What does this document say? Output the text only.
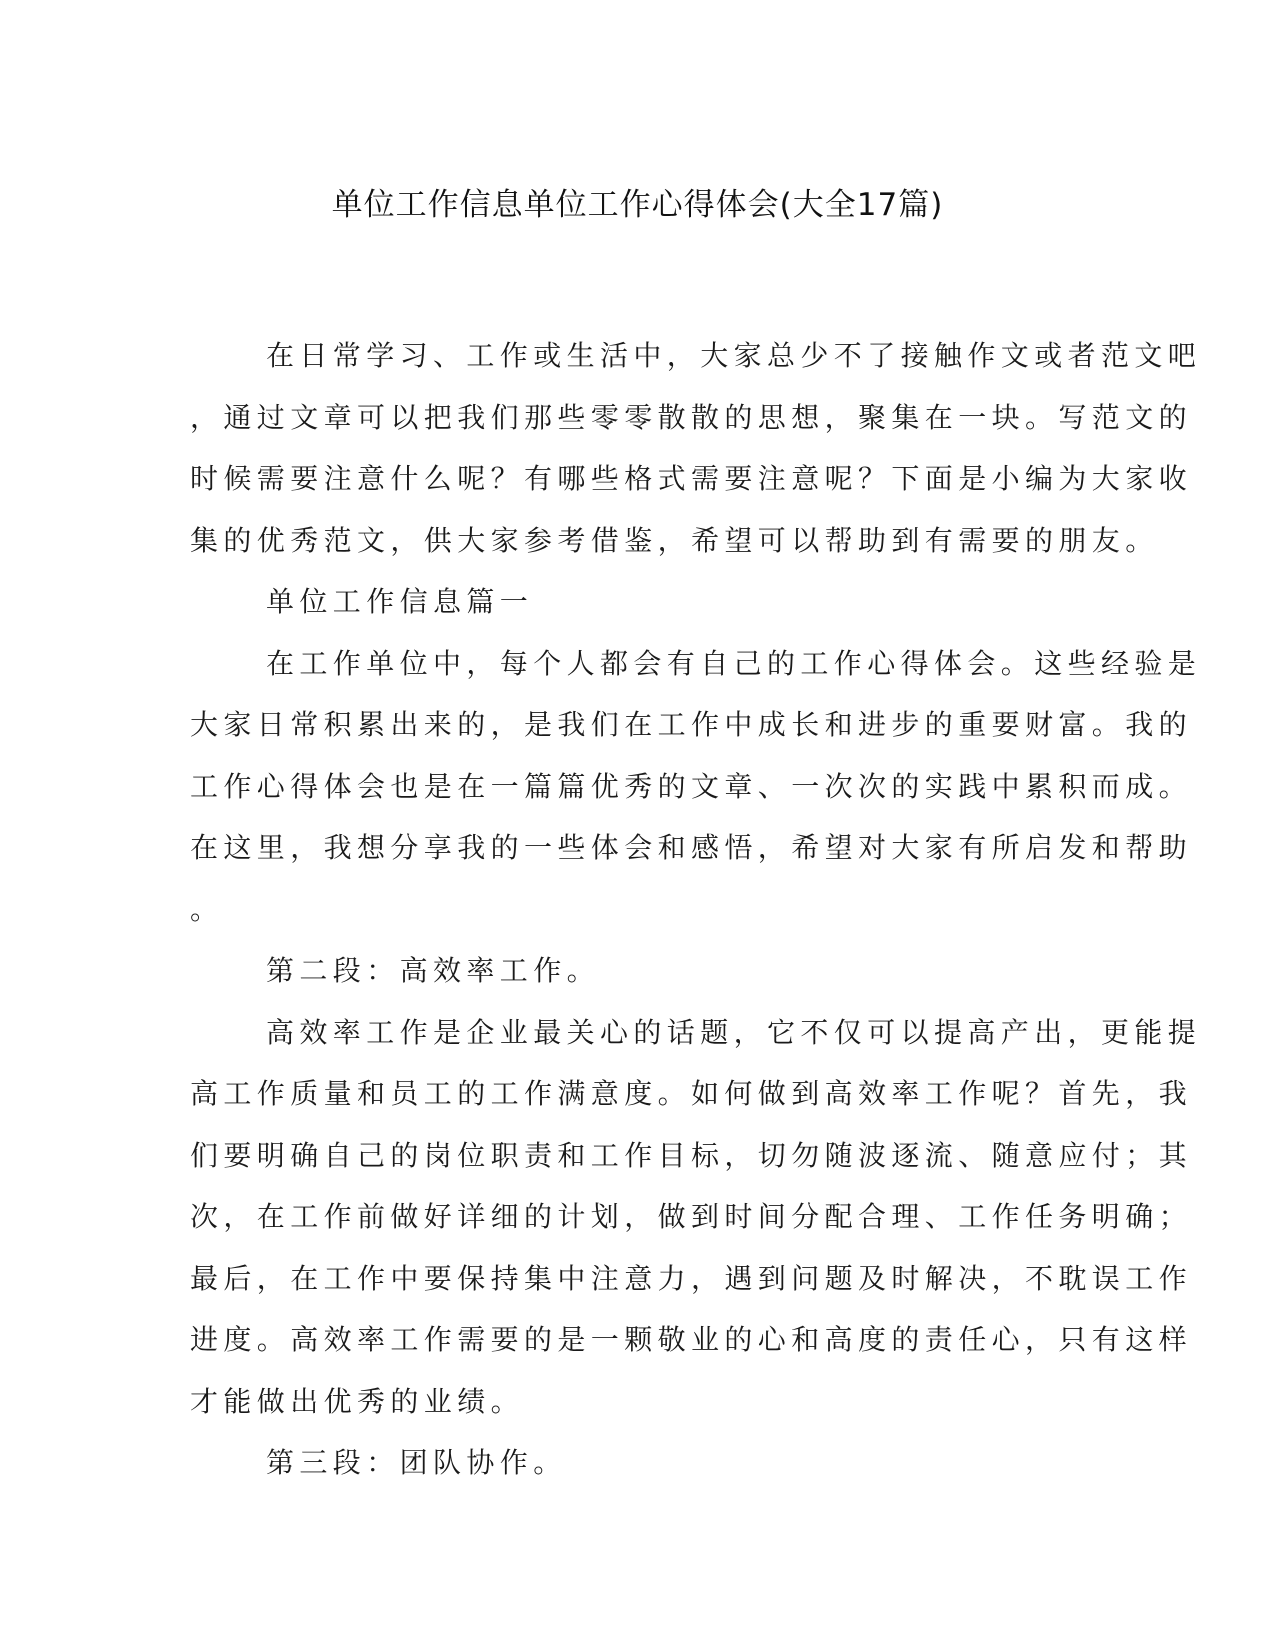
单位工作信息单位工作心得体会(大全17篇)
在日常学习、工作或生活中，大家总少不了接触作文或者范文吧
，通过文章可以把我们那些零零散散的思想，聚集在一块。写范文的
时候需要注意什么呢？有哪些格式需要注意呢？下面是小编为大家收
集的优秀范文，供大家参考借鉴，希望可以帮助到有需要的朋友。
单位工作信息篇一
在工作单位中，每个人都会有自己的工作心得体会。这些经验是
大家日常积累出来的，是我们在工作中成长和进步的重要财富。我的
工作心得体会也是在一篇篇优秀的文章、一次次的实践中累积而成。
在这里，我想分享我的一些体会和感悟，希望对大家有所启发和帮助
。
第二段：高效率工作。
高效率工作是企业最关心的话题，它不仅可以提高产出，更能提
高工作质量和员工的工作满意度。如何做到高效率工作呢？首先，我
们要明确自己的岗位职责和工作目标，切勿随波逐流、随意应付；其
次，在工作前做好详细的计划，做到时间分配合理、工作任务明确；
最后，在工作中要保持集中注意力，遇到问题及时解决，不耽误工作
进度。高效率工作需要的是一颗敬业的心和高度的责任心，只有这样
才能做出优秀的业绩。
第三段：团队协作。
